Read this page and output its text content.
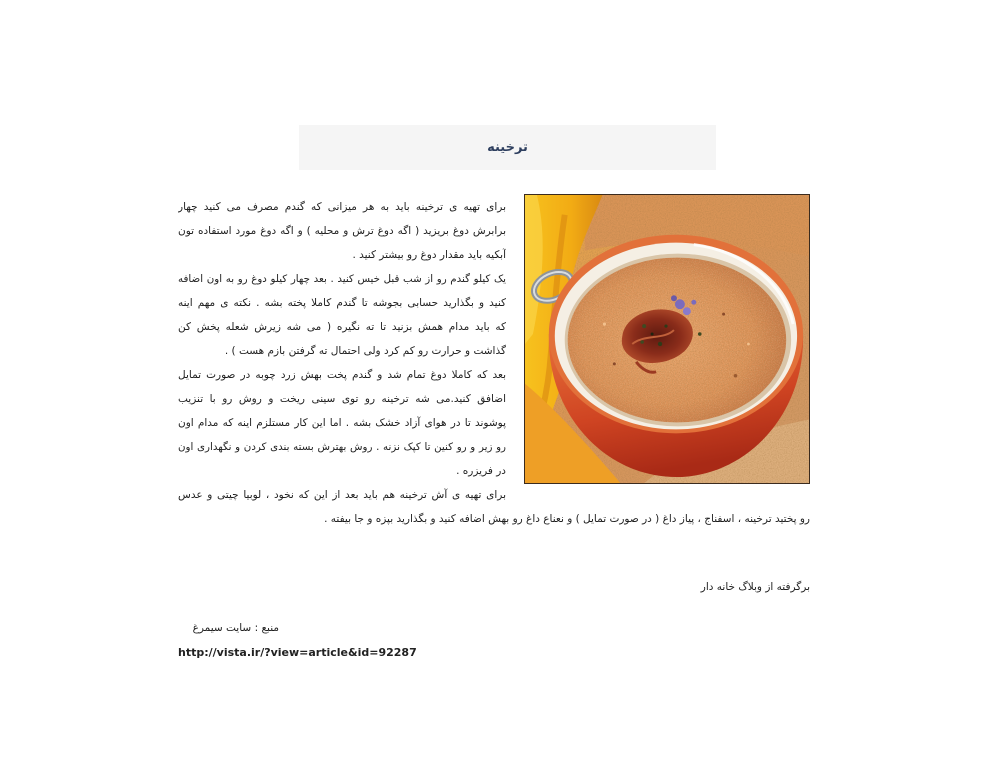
ترخینه
برای تهیه ی ترخینه باید به هر میزانی که گندم مصرف می کنید چهار
برابرش دوغ بریزید ( اگه دوغ ترش و محلیه ) و اگه دوغ مورد استفاده تون
آبکیه باید مقدار دوغ رو بیشتر کنید .
یک کیلو گندم رو از شب قبل خیس کنید . بعد چهار کیلو دوغ رو به اون اضافه
کنید و بگذارید حسابی بجوشه تا گندم کاملا پخته بشه . نکته ی مهم اینه
که باید مدام همش بزنید تا ته نگیره ( می شه زیرش شعله پخش کن
گذاشت و حرارت رو کم کرد ولی احتمال ته گرفتن بازم هست ) .
بعد که کاملا دوغ تمام شد و گندم پخت بهش زرد چوبه در صورت تمایل
اضافق کنید.می شه ترخینه رو توی سینی ریخت و روش رو با تنزیب
پوشوند تا در هوای آزاد خشک بشه . اما این کار مستلزم اینه که مدام اون
رو زیر و رو کنین تا کپک نزنه . روش بهترش بسته بندی کردن و نگهداری اون
در فریزره .
برای تهیه ی آش ترخینه هم باید بعد از این که نخود ، لوبیا چیتی و عدس
رو پختید ترخینه ، اسفناج ، پیاز داغ ( در صورت تمایل ) و نعناع داغ رو بهش اضافه کنید و بگذارید بپزه و جا بیفته .
برگرفته از وبلاگ خانه دار
منبع : سایت سیمرغ
http://vista.ir/?view=article&id=92287
